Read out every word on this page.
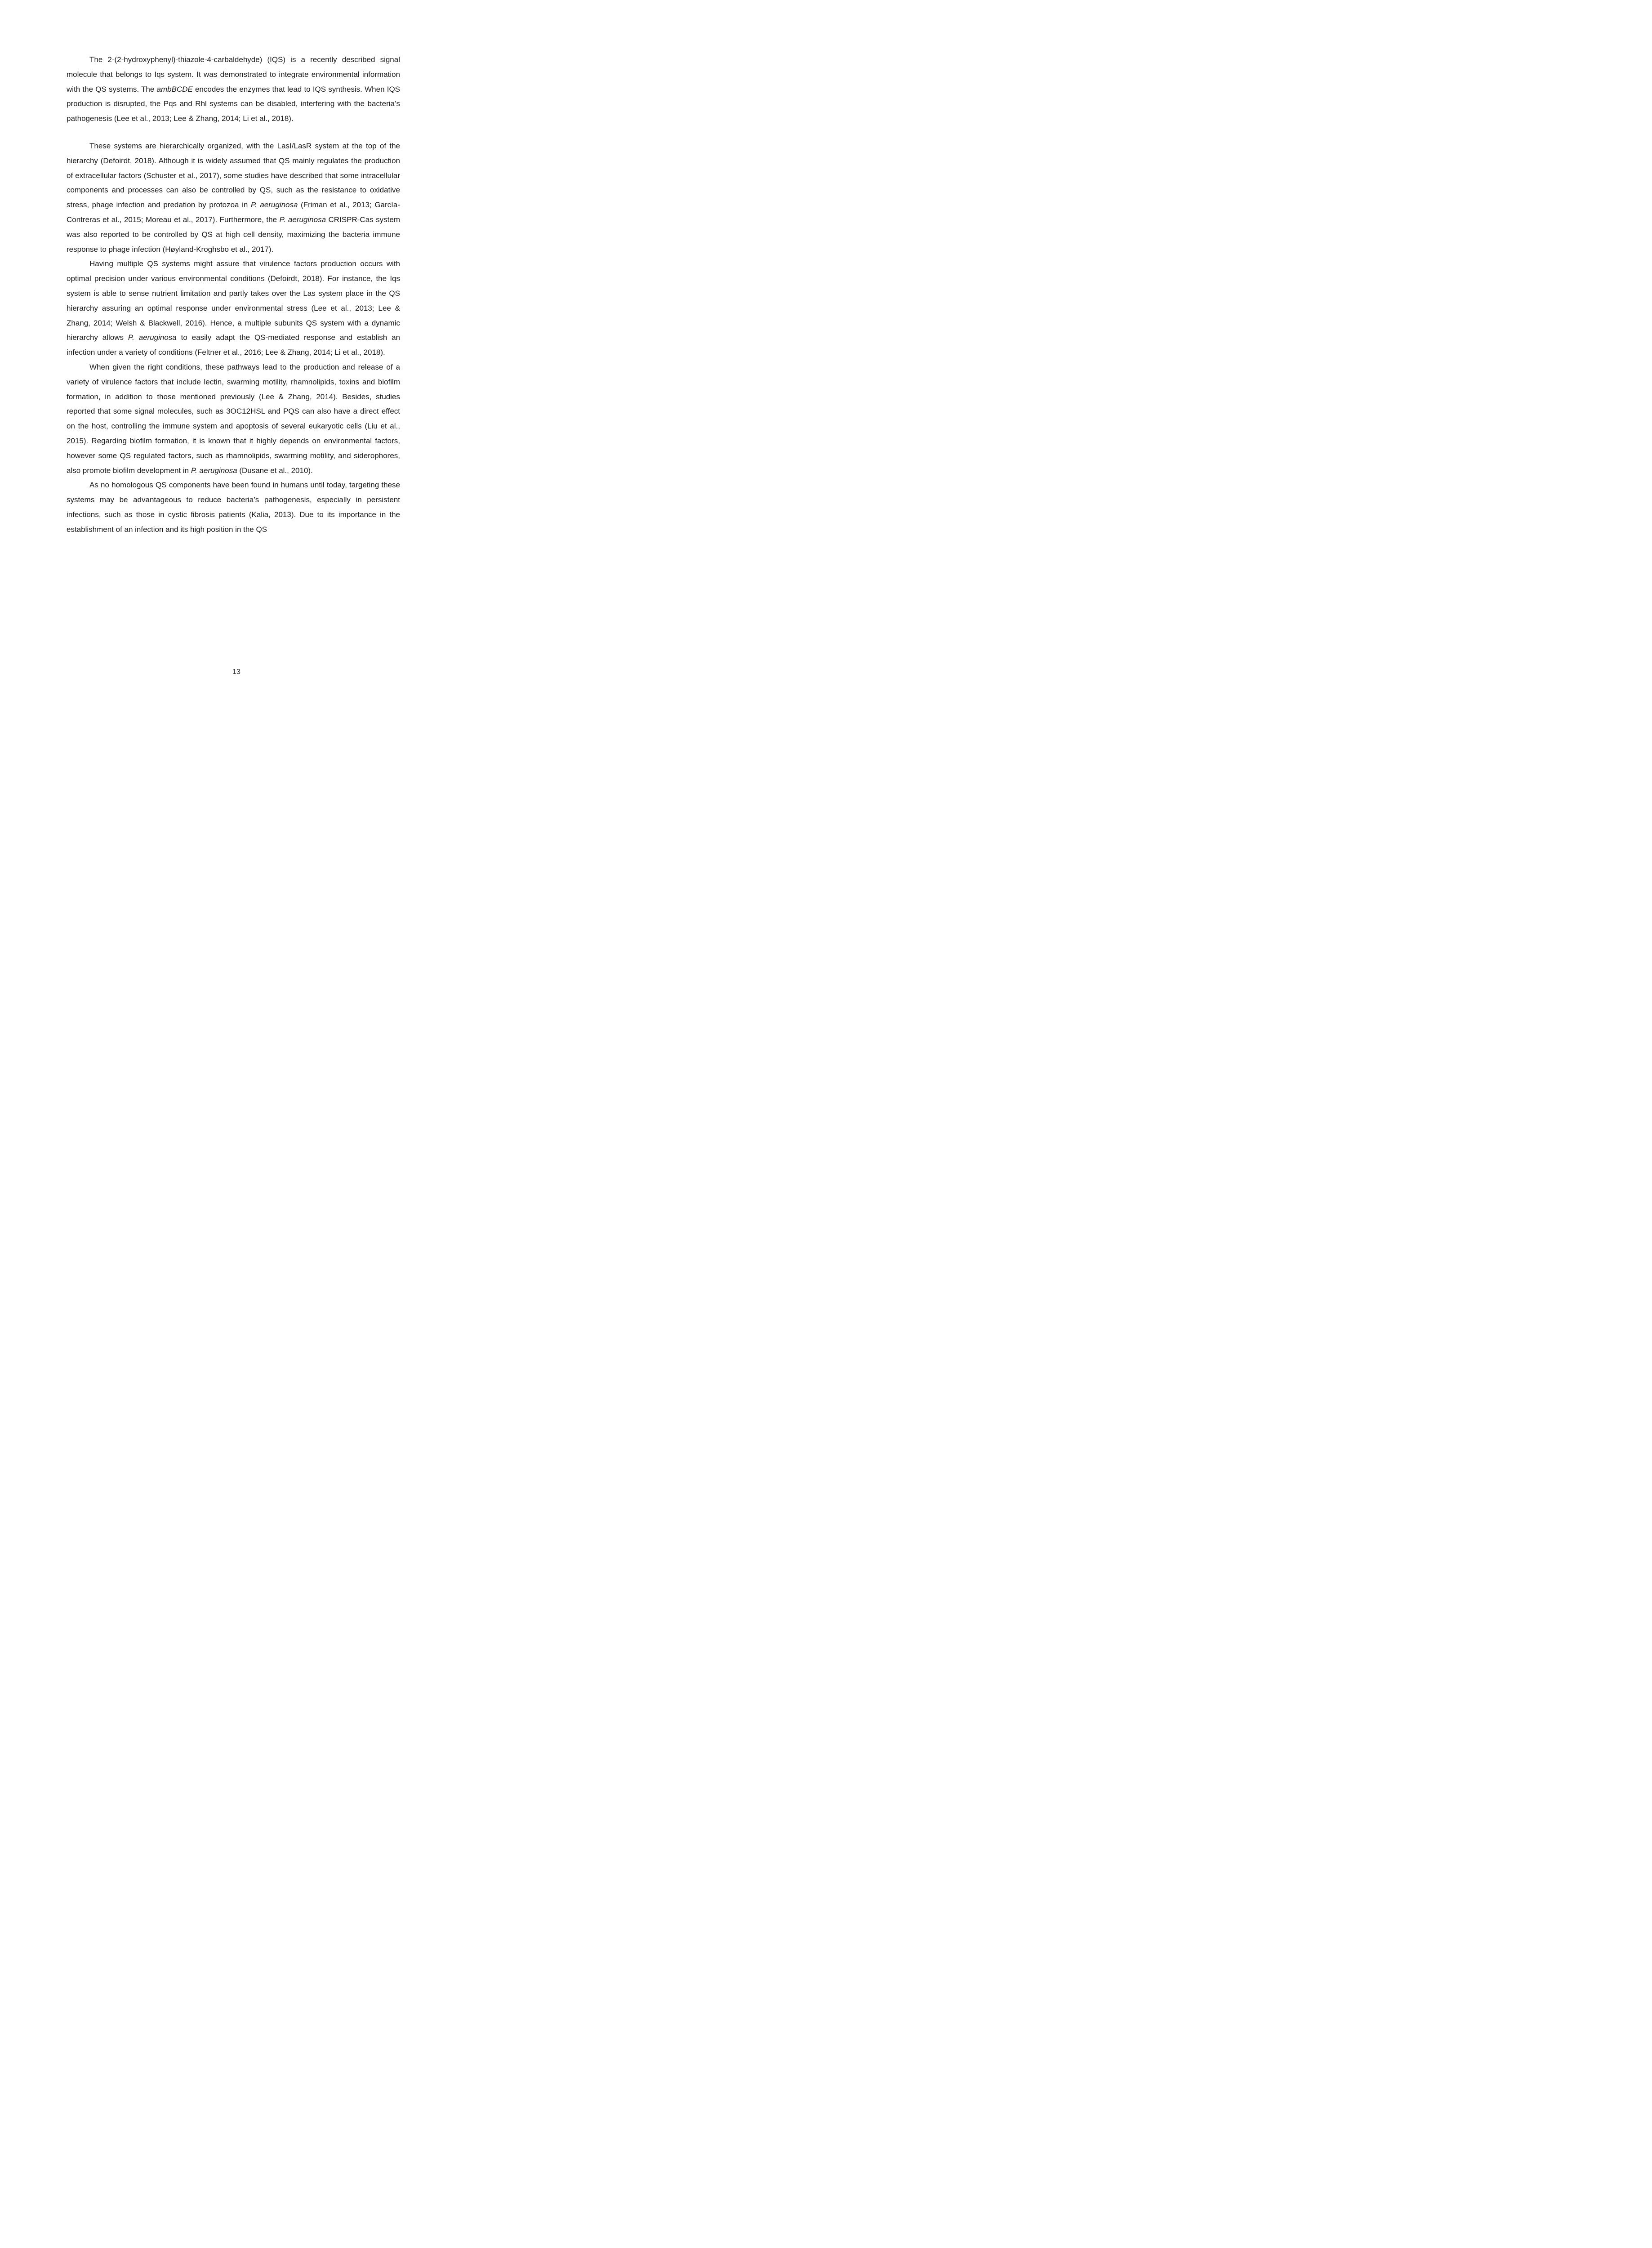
The 2-(2-hydroxyphenyl)-thiazole-4-carbaldehyde) (IQS) is a recently described signal molecule that belongs to Iqs system. It was demonstrated to integrate environmental information with the QS systems. The ambBCDE encodes the enzymes that lead to IQS synthesis. When IQS production is disrupted, the Pqs and Rhl systems can be disabled, interfering with the bacteria’s pathogenesis (Lee et al., 2013; Lee & Zhang, 2014; Li et al., 2018).

These systems are hierarchically organized, with the LasI/LasR system at the top of the hierarchy (Defoirdt, 2018). Although it is widely assumed that QS mainly regulates the production of extracellular factors (Schuster et al., 2017), some studies have described that some intracellular components and processes can also be controlled by QS, such as the resistance to oxidative stress, phage infection and predation by protozoa in P. aeruginosa (Friman et al., 2013; García-Contreras et al., 2015; Moreau et al., 2017). Furthermore, the P. aeruginosa CRISPR-Cas system was also reported to be controlled by QS at high cell density, maximizing the bacteria immune response to phage infection (Høyland-Kroghsbo et al., 2017).

Having multiple QS systems might assure that virulence factors production occurs with optimal precision under various environmental conditions (Defoirdt, 2018). For instance, the Iqs system is able to sense nutrient limitation and partly takes over the Las system place in the QS hierarchy assuring an optimal response under environmental stress (Lee et al., 2013; Lee & Zhang, 2014; Welsh & Blackwell, 2016). Hence, a multiple subunits QS system with a dynamic hierarchy allows P. aeruginosa to easily adapt the QS-mediated response and establish an infection under a variety of conditions (Feltner et al., 2016; Lee & Zhang, 2014; Li et al., 2018).

When given the right conditions, these pathways lead to the production and release of a variety of virulence factors that include lectin, swarming motility, rhamnolipids, toxins and biofilm formation, in addition to those mentioned previously (Lee & Zhang, 2014). Besides, studies reported that some signal molecules, such as 3OC12HSL and PQS can also have a direct effect on the host, controlling the immune system and apoptosis of several eukaryotic cells (Liu et al., 2015). Regarding biofilm formation, it is known that it highly depends on environmental factors, however some QS regulated factors, such as rhamnolipids, swarming motility, and siderophores, also promote biofilm development in P. aeruginosa (Dusane et al., 2010).

As no homologous QS components have been found in humans until today, targeting these systems may be advantageous to reduce bacteria’s pathogenesis, especially in persistent infections, such as those in cystic fibrosis patients (Kalia, 2013). Due to its importance in the establishment of an infection and its high position in the QS

13
